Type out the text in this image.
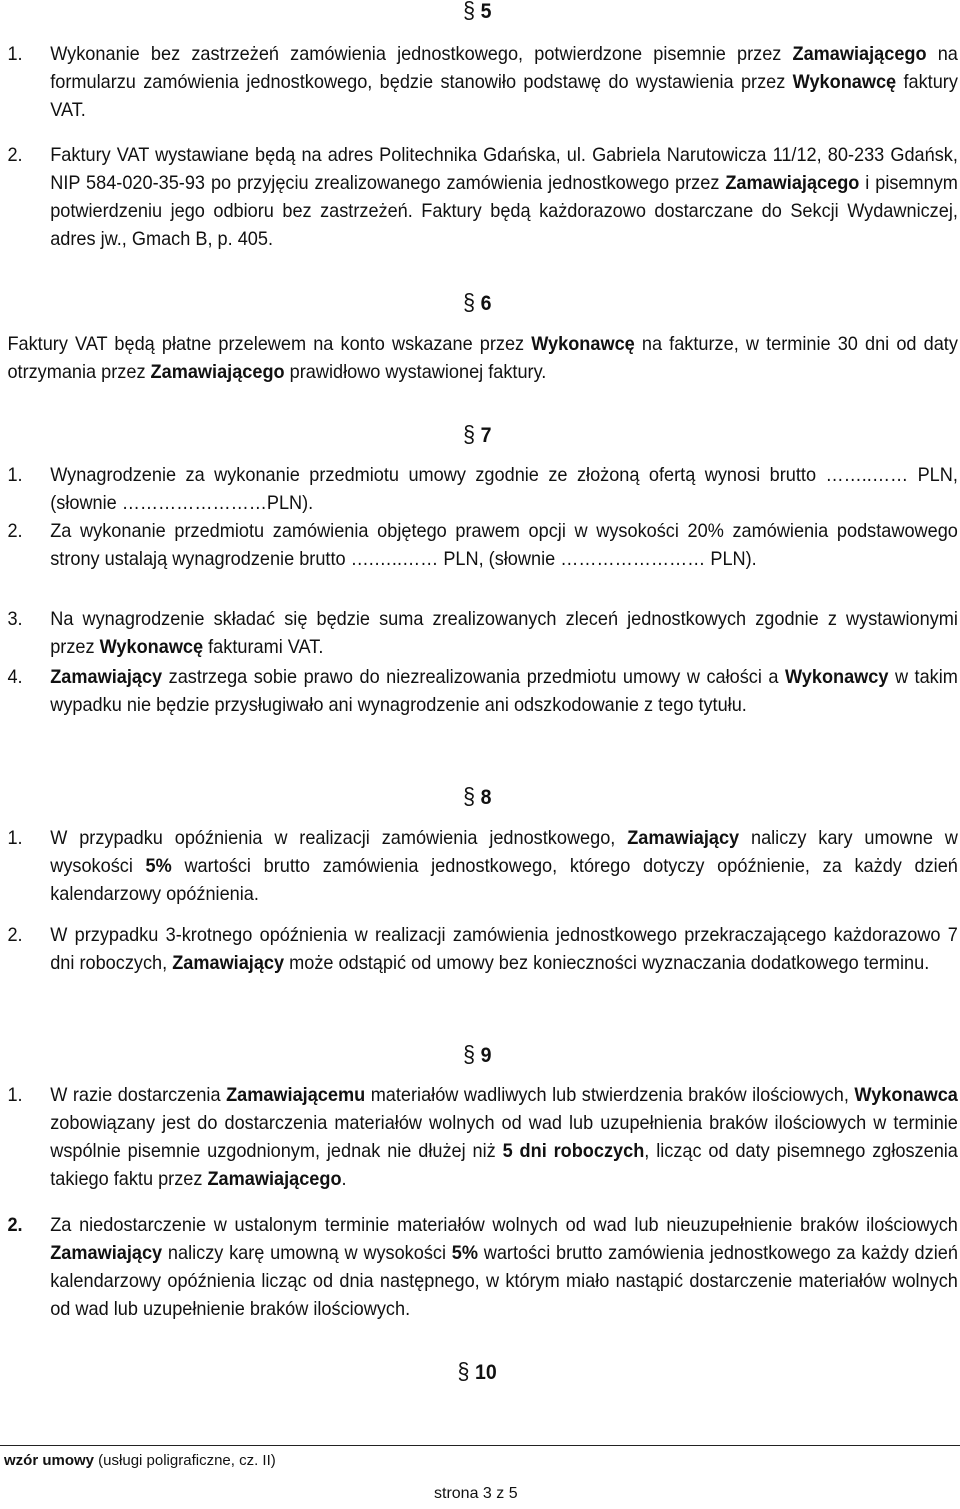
§ 5
1. Wykonanie bez zastrzeżeń zamówienia jednostkowego, potwierdzone pisemnie przez Zamawiającego na formularzu zamówienia jednostkowego, będzie stanowiło podstawę do wystawienia przez Wykonawcę faktury VAT.
2. Faktury VAT wystawiane będą na adres Politechnika Gdańska, ul. Gabriela Narutowicza 11/12, 80-233 Gdańsk, NIP 584-020-35-93 po przyjęciu zrealizowanego zamówienia jednostkowego przez Zamawiającego i pisemnym potwierdzeniu jego odbioru bez zastrzeżeń. Faktury będą każdorazowo dostarczane do Sekcji Wydawniczej, adres jw., Gmach B, p. 405.
§ 6
Faktury VAT będą płatne przelewem na konto wskazane przez Wykonawcę na fakturze, w terminie 30 dni od daty otrzymania przez Zamawiającego prawidłowo wystawionej faktury.
§ 7
1. Wynagrodzenie za wykonanie przedmiotu umowy zgodnie ze złożoną ofertą wynosi brutto ……..…… PLN, (słownie ……………………PLN).
2. Za wykonanie przedmiotu zamówienia objętego prawem opcji w wysokości 20% zamówienia podstawowego strony ustalają wynagrodzenie brutto ….…..…… PLN, (słownie …………………… PLN).
3. Na wynagrodzenie składać się będzie suma zrealizowanych zleceń jednostkowych zgodnie z wystawionymi przez Wykonawcę fakturami VAT.
4. Zamawiający zastrzega sobie prawo do niezrealizowania przedmiotu umowy w całości a Wykonawcy w takim wypadku nie będzie przysługiwało ani wynagrodzenie ani odszkodowanie z tego tytułu.
§ 8
1. W przypadku opóźnienia w realizacji zamówienia jednostkowego, Zamawiający naliczy kary umowne w wysokości 5% wartości brutto zamówienia jednostkowego, którego dotyczy opóźnienie, za każdy dzień kalendarzowy opóźnienia.
2. W przypadku 3-krotnego opóźnienia w realizacji zamówienia jednostkowego przekraczającego każdorazowo 7 dni roboczych, Zamawiający może odstąpić od umowy bez konieczności wyznaczania dodatkowego terminu.
§ 9
1. W razie dostarczenia Zamawiającemu materiałów wadliwych lub stwierdzenia braków ilościowych, Wykonawca zobowiązany jest do dostarczenia materiałów wolnych od wad lub uzupełnienia braków ilościowych w terminie wspólnie pisemnie uzgodnionym, jednak nie dłużej niż 5 dni roboczych, licząc od daty pisemnego zgłoszenia takiego faktu przez Zamawiającego.
2. Za niedostarczenie w ustalonym terminie materiałów wolnych od wad lub nieuzupełnienie braków ilościowych Zamawiający naliczy karę umowną w wysokości 5% wartości brutto zamówienia jednostkowego za każdy dzień kalendarzowy opóźnienia licząc od dnia następnego, w którym miało nastąpić dostarczenie materiałów wolnych od wad lub uzupełnienie braków ilościowych.
§ 10
wzór umowy (usługi poligraficzne, cz. II)
strona 3 z 5
